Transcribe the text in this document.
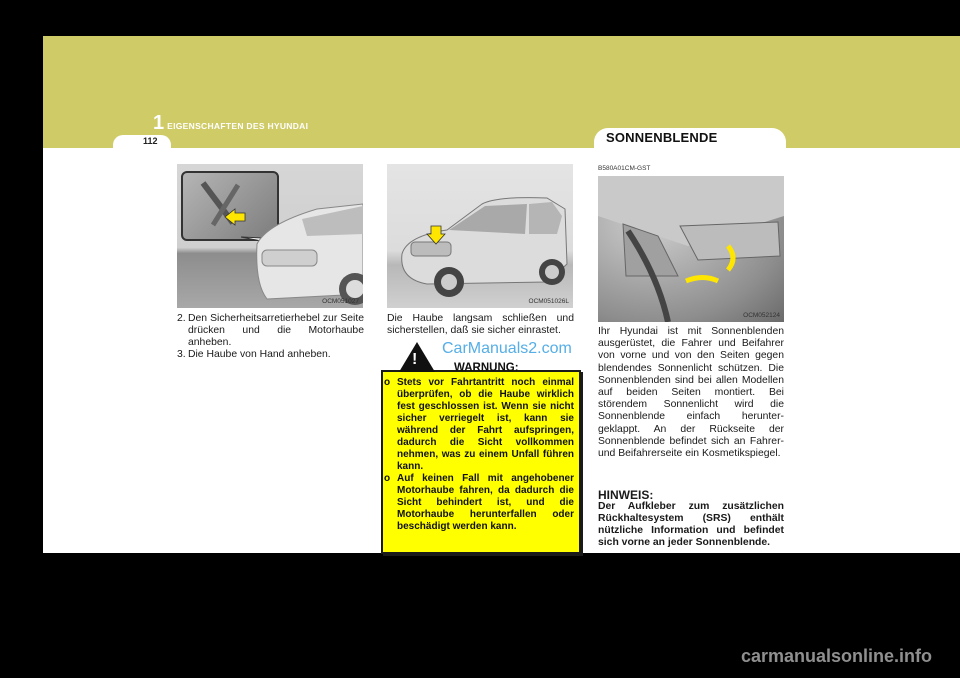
1 EIGENSCHAFTEN DES HYUNDAI
112	SONNENBLENDE
OCM051027
2. Den Sicherheitsarretierhebel zur Seite drücken und die Motorhaube anheben.
3. Die Haube von Hand anheben.
OCM051026L
Die Haube langsam schließen und sicherstellen, daß sie sicher einrastet.
!	WARNUNG:
o Stets vor Fahrtantritt noch einmal überprüfen, ob die Haube wirklich fest geschlossen ist. Wenn sie nicht sicher verriegelt ist, kann sie während der Fahrt aufspringen, dadurch die Sicht vollkommen nehmen, was zu einem Unfall führen kann.
o Auf keinen Fall mit angehobener Motorhaube fahren, da dadurch die Sicht behindert ist, und die Motorhaube herunterfallen oder beschädigt werden kann.
B580A01CM-GST
OCM052124
Ihr Hyundai ist mit Sonnenblenden ausgerüstet, die Fahrer und Beifahrer von vorne und von den Seiten gegen blendendes Sonnenlicht schützen. Die Sonnenblenden sind bei allen Modellen auf beiden Seiten montiert. Bei störendem Sonnenlicht wird die Sonnenblende einfach herunter-geklappt. An der Rückseite der Sonnenblende befindet sich an Fahrer-und Beifahrerseite ein Kosmetikspiegel.
HINWEIS:
Der Aufkleber zum zusätzlichen Rückhaltesystem (SRS) enthält nützliche Information und befindet sich vorne an jeder Sonnenblende.
CarManuals2.com
carmanualsonline.info
